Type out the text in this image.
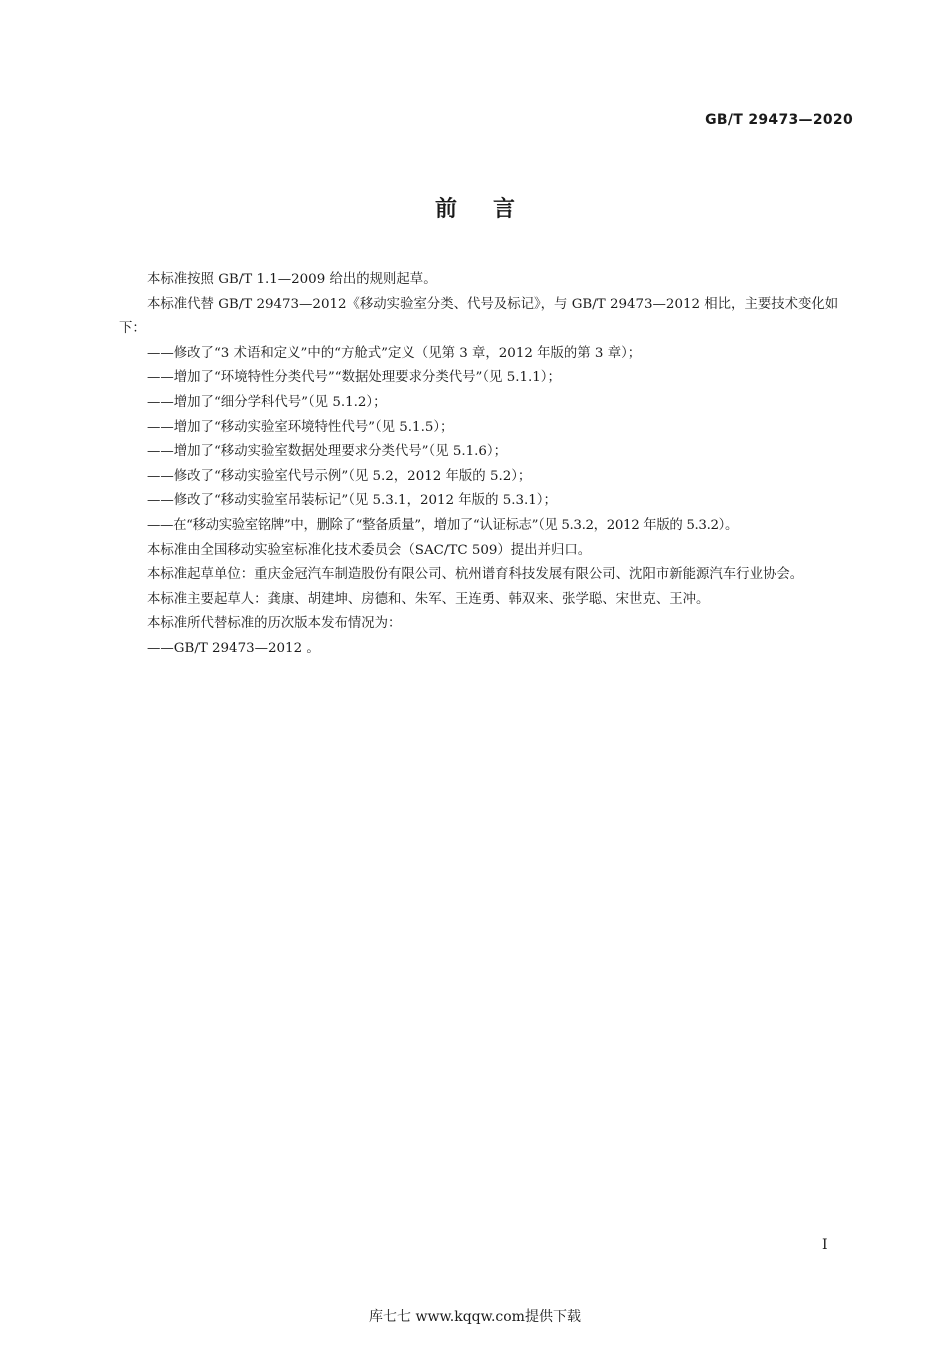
GB/T 29473—2020
前言

本标准按照 GB/T 1.1—2009 给出的规则起草。

本标准代替 GB/T 29473—2012《移动实验室分类、代号及标记》，与 GB/T 29473—2012 相比，主要技术变化如下：

——修改了“3 术语和定义”中的“方舱式”定义（见第 3 章，2012 年版的第 3 章）；

——增加了“环境特性分类代号”“数据处理要求分类代号”（见 5.1.1）；

——增加了“细分学科代号”（见 5.1.2）；

——增加了“移动实验室环境特性代号”（见 5.1.5）；

——增加了“移动实验室数据处理要求分类代号”（见 5.1.6）；

——修改了“移动实验室代号示例”（见 5.2，2012 年版的 5.2）；

——修改了“移动实验室吊装标记”（见 5.3.1，2012 年版的 5.3.1）；

——在“移动实验室铭牌”中，删除了“整备质量”，增加了“认证标志”（见 5.3.2，2012 年版的 5.3.2）。

本标准由全国移动实验室标准化技术委员会（SAC/TC 509）提出并归口。

本标准起草单位：重庆金冠汽车制造股份有限公司、杭州谱育科技发展有限公司、沈阳市新能源汽车行业协会。

本标准主要起草人：龚康、胡建坤、房德和、朱军、王连勇、韩双来、张学聪、宋世克、王冲。

本标准所代替标准的历次版本发布情况为：

——GB/T 29473—2012 。

I
库七七 www.kqqw.com提供下载
